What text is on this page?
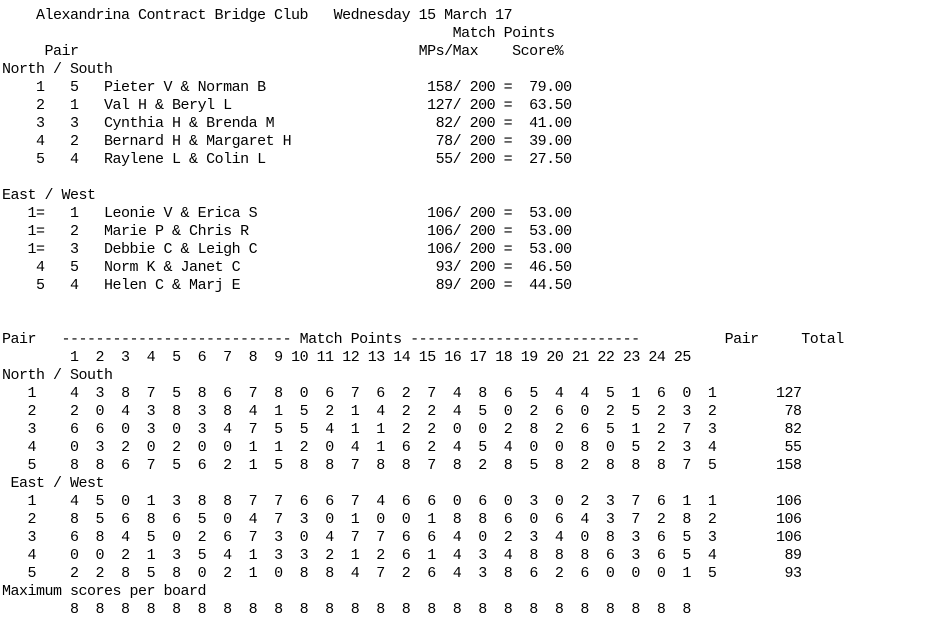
Alexandrina Contract Bridge Club Wednesday 15 March 17
Match Points
Pair	MPs/Max Score%
North / South
1   5 Pieter V & Norman B                   158/ 200 =  79.00
2   1 Val H & Beryl L                       127/ 200 =  63.50
3   3 Cynthia H & Brenda M                   82/ 200 =  41.00
4   2 Bernard H & Margaret H                 78/ 200 =  39.00
5   4 Raylene L & Colin L                    55/ 200 =  27.50
East / West
1=   1 Leonie V & Erica S                    106/ 200 =  53.00
1=   2 Marie P & Chris R                     106/ 200 =  53.00
1=   3 Debbie C & Leigh C                    106/ 200 =  53.00
4   5 Norm K & Janet C                       93/ 200 =  46.50
5   4 Helen C & Marj E                       89/ 200 =  44.50
Pair --------------------------- Match Points ---------------------------	Pair	Total
1  2  3  4  5  6  7  8  9 10 11 12 13 14 15 16 17 18 19 20 21 22 23 24 25
North / South
1    4  3  8  7  5  8  6  7  8  0  6  7  6  2  7  4  8  6  5  4  4  5  1  6  0  1       127
2    2  0  4  3  8  3  8  4  1  5  2  1  4  2  2  4  5  0  2  6  0  2  5  2  3  2        78
3    6  6  0  3  0  3  4  7  5  5  4  1  1  2  2  0  0  2  8  2  6  5  1  2  7  3        82
4    0  3  2  0  2  0  0  1  1  2  0  4  1  6  2  4  5  4  0  0  8  0  5  2  3  4        55
5    8  8  6  7  5  6  2  1  5  8  8  7  8  8  7  8  2  8  5  8  2  8  8  8  7  5       158
East / West
1    4  5  0  1  3  8  8  7  7  6  6  7  4  6  6  0  6  0  3  0  2  3  7  6  1  1       106
2    8  5  6  8  6  5  0  4  7  3  0  1  0  0  1  8  8  6  0  6  4  3  7  2  8  2       106
3    6  8  4  5  0  2  6  7  3  0  4  7  7  6  6  4  0  2  3  4  0  8  3  6  5  3       106
4    0  0  2  1  3  5  4  1  3  3  2  1  2  6  1  4  3  4  8  8  8  6  3  6  5  4        89
5    2  2  8  5  8  0  2  1  0  8  8  4  7  2  6  4  3  8  6  2  6  0  0  0  1  5        93
Maximum scores per board
8  8  8  8  8  8  8  8  8  8  8  8  8  8  8  8  8  8  8  8  8  8  8  8  8
